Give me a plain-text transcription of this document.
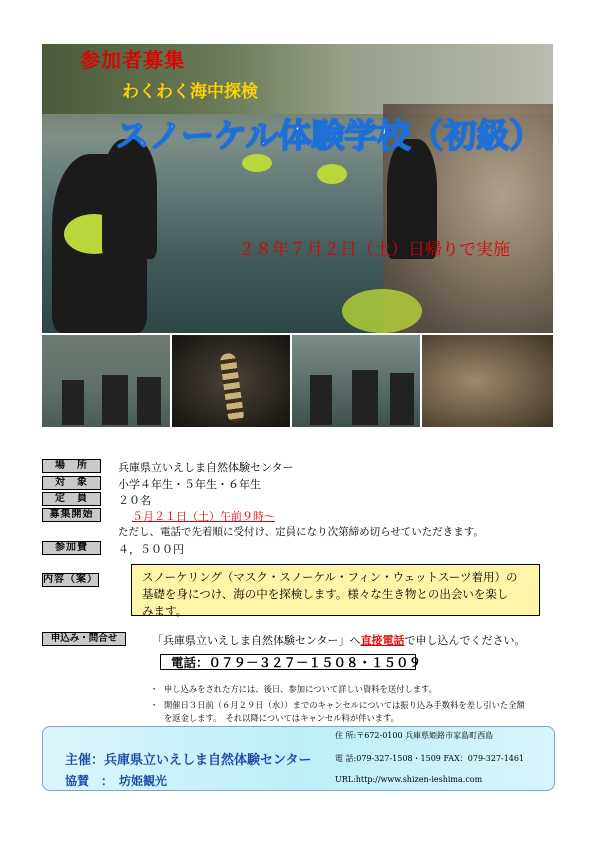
参加者募集
わくわく海中探検
スノーケル体験学校（初級）
２８年７月２日（土）日帰りで実施
場　所	兵庫県立いえしま自然体験センター
対　象	小学４年生・５年生・６年生
定　員	２０名
募集開始	５月２１日（土）午前９時～
ただし、電話で先着順に受付け、定員になり次第締め切らせていただきます。
参加費	４，５００円
内容（案）	スノーケリング（マスク・スノーケル・フィン・ウェットスーツ着用）の
基礎を身につけ、海の中を探検します。様々な生き物との出会いを楽し
みます。
申込み・問合せ	「兵庫県立いえしま自然体験センター」へ直接電話で申し込んでください。
電話：０７９－３２７－１５０８・１５０９
・ 申し込みをされた方には、後日、参加について詳しい資料を送付します。
・ 開催日３日前（６月２９日（水））までのキャンセルについては振り込み手数料を差し引いた全額
を返金します。　それ以降についてはキャンセル料が伴います。
住 所:〒672-0100 兵庫県姫路市家島町西島
主催：兵庫県立いえしま自然体験センター	電 話:079-327-1508・1509 FAX：079-327-1461
協賛　：　坊姫観光	URL:http://www.shizen-ieshima.com
